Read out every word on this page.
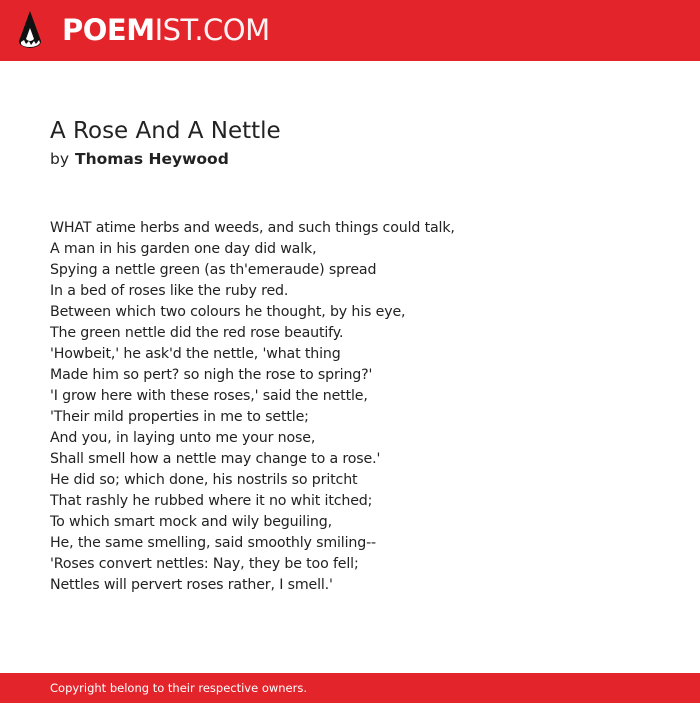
POEMIST.COM
A Rose And A Nettle
by Thomas Heywood
WHAT atime herbs and weeds, and such things could talk,
A man in his garden one day did walk,
Spying a nettle green (as th'emeraude) spread
In a bed of roses like the ruby red.
Between which two colours he thought, by his eye,
The green nettle did the red rose beautify.
'Howbeit,' he ask'd the nettle, 'what thing
Made him so pert? so nigh the rose to spring?'
'I grow here with these roses,' said the nettle,
'Their mild properties in me to settle;
And you, in laying unto me your nose,
Shall smell how a nettle may change to a rose.'
He did so; which done, his nostrils so pritcht
That rashly he rubbed where it no whit itched;
To which smart mock and wily beguiling,
He, the same smelling, said smoothly smiling--
'Roses convert nettles: Nay, they be too fell;
Nettles will pervert roses rather, I smell.'
Copyright belong to their respective owners.
